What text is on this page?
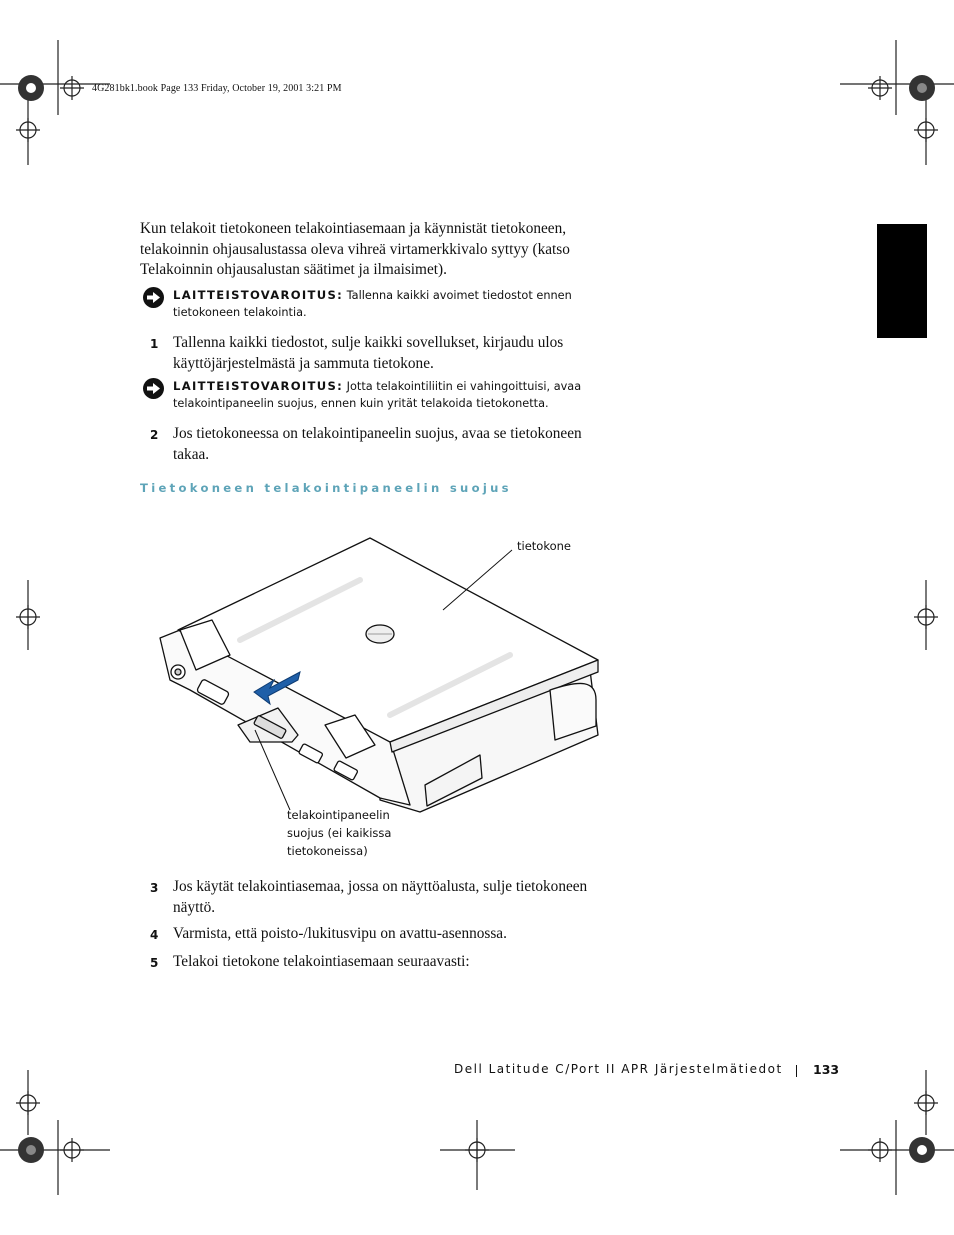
4G281bk1.book Page 133 Friday, October 19, 2001 3:21 PM

Kun telakoit tietokoneen telakointiasemaan ja käynnistät tietokoneen, telakoinnin ohjausalustassa oleva vihreä virtamerkkivalo syttyy (katso Telakoinnin ohjausalustan säätimet ja ilmaisimet).

LAITTEISTOVAROITUS: Tallenna kaikki avoimet tiedostot ennen tietokoneen telakointia.
1 Tallenna kaikki tiedostot, sulje kaikki sovellukset, kirjaudu ulos käyttöjärjestelmästä ja sammuta tietokone.
LAITTEISTOVAROITUS: Jotta telakointiliitin ei vahingoittuisi, avaa telakointipaneelin suojus, ennen kuin yrität telakoida tietokonetta.
2 Jos tietokoneessa on telakointipaneelin suojus, avaa se tietokoneen takaa.
Tietokoneen telakointipaneelin suojus
tietokone
telakointipaneelin
suojus (ei kaikissa
tietokoneissa)
3 Jos käytät telakointiasemaa, jossa on näyttöalusta, sulje tietokoneen näyttö.
4 Varmista, että poisto-/lukitusvipu on avattu-asennossa.
5 Telakoi tietokone telakointiasemaan seuraavasti:
Dell Latitude C/Port II APR Järjestelmätiedot 133
